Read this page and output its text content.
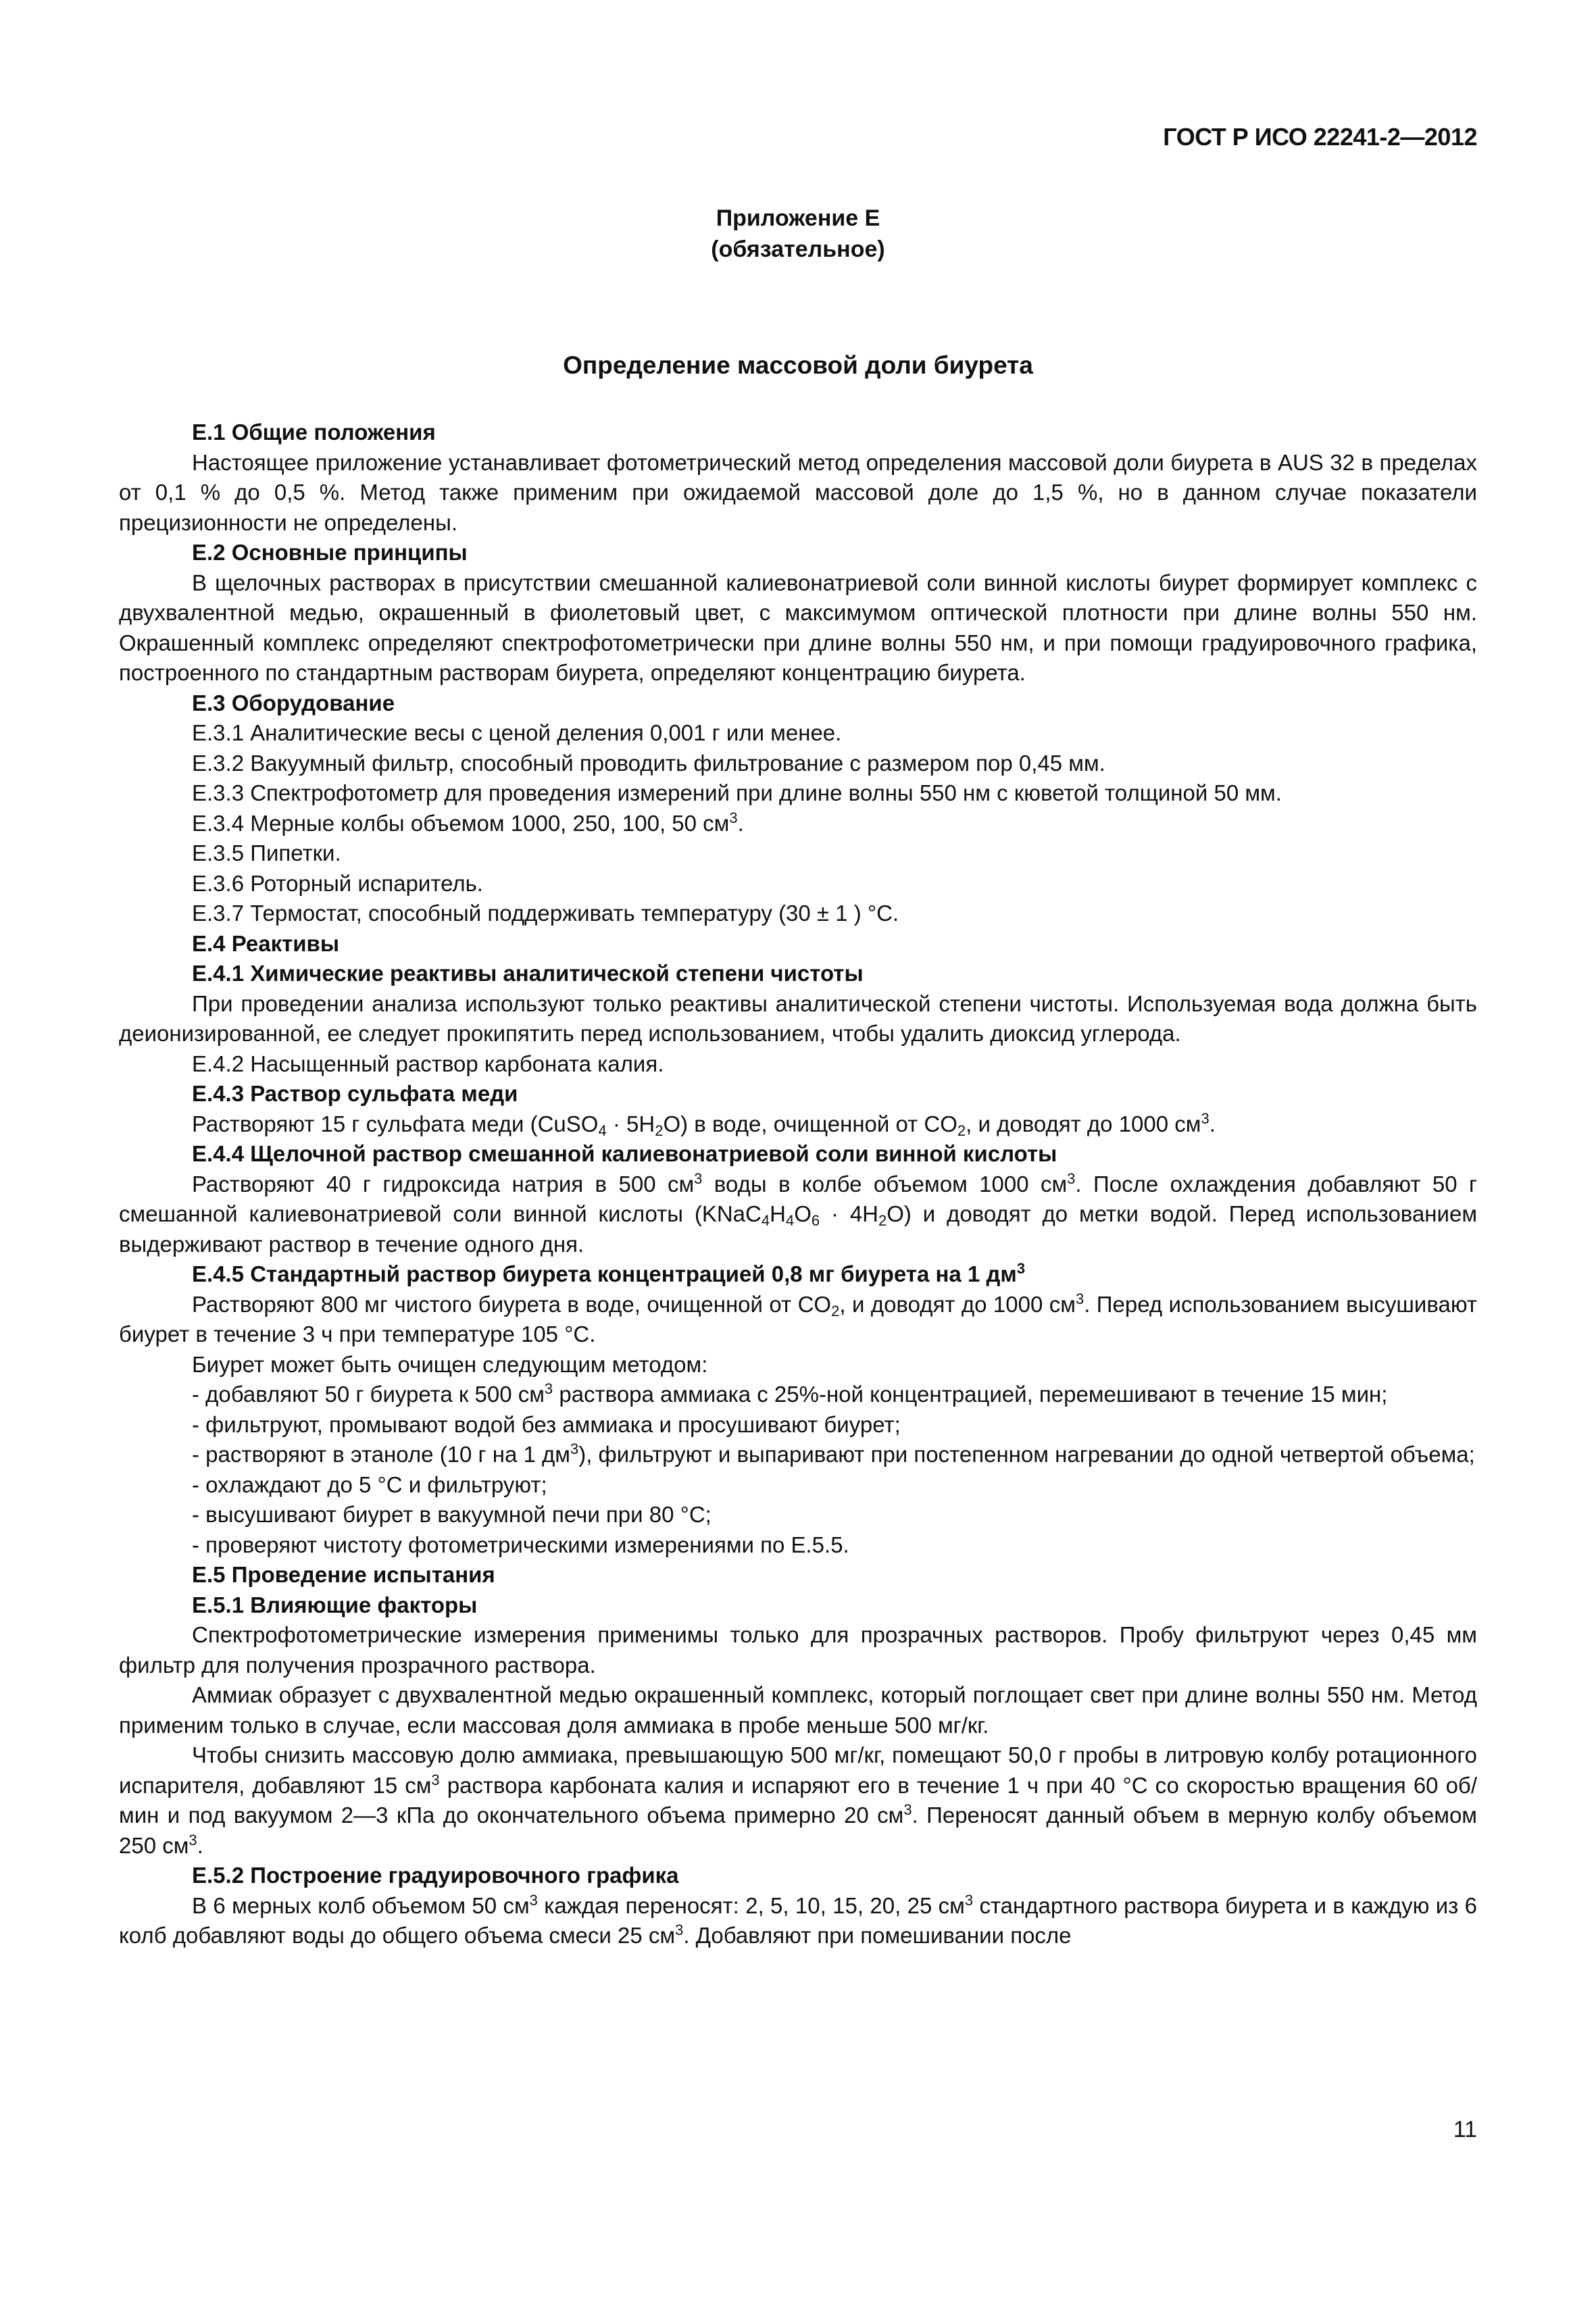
ГОСТ Р ИСО 22241-2—2012
Приложение Е
(обязательное)
Определение массовой доли биурета

Е.1 Общие положения

Настоящее приложение устанавливает фотометрический метод определения массовой доли биурета в AUS 32 в пределах от 0,1 % до 0,5 %. Метод также применим при ожидаемой массовой доле до 1,5 %, но в данном случае показатели прецизионности не определены.

Е.2 Основные принципы

В щелочных растворах в присутствии смешанной калиевонатриевой соли винной кислоты биурет формирует комплекс с двухвалентной медью, окрашенный в фиолетовый цвет, с максимумом оптической плотности при длине волны 550 нм. Окрашенный комплекс определяют спектрофотометрически при длине волны 550 нм, и при помощи градуировочного графика, построенного по стандартным растворам биурета, определяют концентрацию биурета.

Е.3 Оборудование

Е.3.1 Аналитические весы с ценой деления 0,001 г или менее.

Е.3.2 Вакуумный фильтр, способный проводить фильтрование с размером пор 0,45 мм.

Е.3.3 Спектрофотометр для проведения измерений при длине волны 550 нм с кюветой толщиной 50 мм.

Е.3.4 Мерные колбы объемом 1000, 250, 100, 50 $см^3$.

Е.3.5 Пипетки.

Е.3.6 Роторный испаритель.

Е.3.7 Термостат, способный поддерживать температуру (30 ± 1 ) °С.

Е.4 Реактивы

Е.4.1 Химические реактивы аналитической степени чистоты

При проведении анализа используют только реактивы аналитической степени чистоты. Используемая вода должна быть деионизированной, ее следует прокипятить перед использованием, чтобы удалить диоксид углерода.

Е.4.2 Насыщенный раствор карбоната калия.

Е.4.3 Раствор сульфата меди

Растворяют 15 г сульфата меди (CuSO$_4$ · $5H_2O$) в воде, очищенной от $CO_2$, и доводят до 1000 $см^3$.

Е.4.4 Щелочной раствор смешанной калиевонатриевой соли винной кислоты

Растворяют 40 г гидроксида натрия в 500 $см^3$ воды в колбе объемом 1000 $см^3$. После охлаждения добавляют 50 г смешанной калиевонатриевой соли винной кислоты $(KNaC_4H_4O_6 \cdot 4H_2O)$ и доводят до метки водой. Перед использованием выдерживают раствор в течение одного дня.

Е.4.5 Стандартный раствор биурета концентрацией 0,8 мг биурета на 1 $дм^3$

Растворяют 800 мг чистого биурета в воде, очищенной от $CO_2$, и доводят до 1000 $см^3$. Перед использованием высушивают биурет в течение 3 ч при температуре 105 °С.

Биурет может быть очищен следующим методом:

- добавляют 50 г биурета к 500 $см^3$ раствора аммиака с 25%-ной концентрацией, перемешивают в течение 15 мин;

- фильтруют, промывают водой без аммиака и просушивают биурет;

- растворяют в этаноле (10 г на 1 $дм^3$), фильтруют и выпаривают при постепенном нагревании до одной четвертой объема;

- охлаждают до 5 °С и фильтруют;

- высушивают биурет в вакуумной печи при 80 °С;

- проверяют чистоту фотометрическими измерениями по Е.5.5.

Е.5 Проведение испытания

Е.5.1 Влияющие факторы

Спектрофотометрические измерения применимы только для прозрачных растворов. Пробу фильтруют через 0,45 мм фильтр для получения прозрачного раствора.

Аммиак образует с двухвалентной медью окрашенный комплекс, который поглощает свет при длине волны 550 нм. Метод применим только в случае, если массовая доля аммиака в пробе меньше 500 мг/кг.

Чтобы снизить массовую долю аммиака, превышающую 500 мг/кг, помещают 50,0 г пробы в литровую колбу ротационного испарителя, добавляют 15 $см^3$ раствора карбоната калия и испаряют его в течение 1 ч при 40 °С со скоростью вращения 60 об/мин и под вакуумом 2—3 кПа до окончательного объема примерно 20 $см^3$. Переносят данный объем в мерную колбу объемом 250 $см^3$.

Е.5.2 Построение градуировочного графика

В 6 мерных колб объемом 50 $см^3$ каждая переносят: 2, 5, 10, 15, 20, 25 $см^3$ стандартного раствора биурета и в каждую из 6 колб добавляют воды до общего объема смеси 25 $см^3$. Добавляют при помешивании после

11
